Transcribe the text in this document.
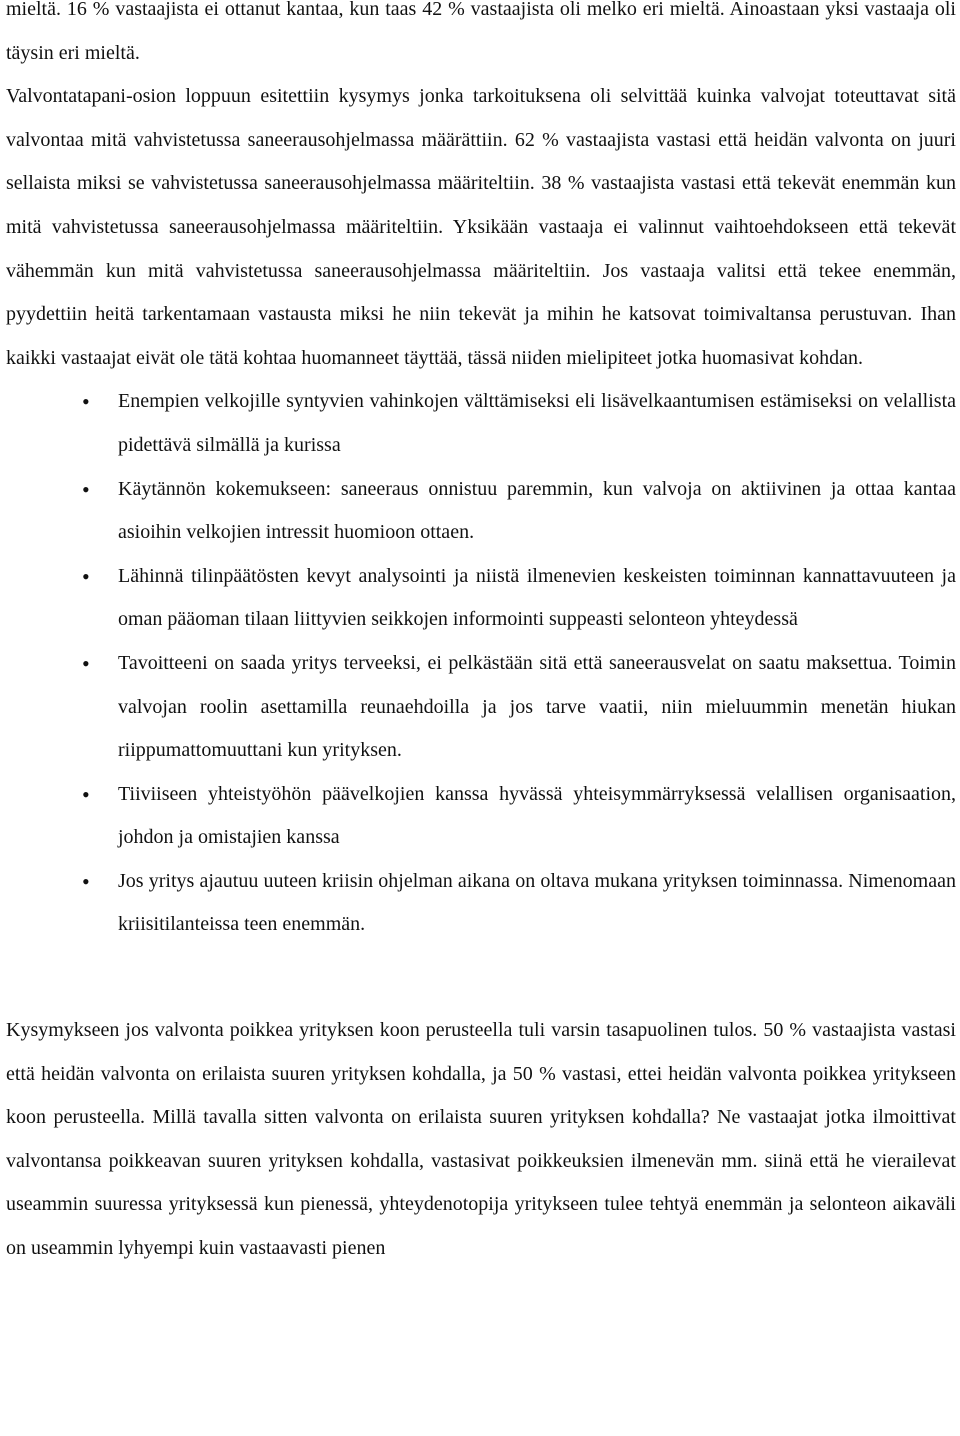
mieltä. 16 % vastaajista ei ottanut kantaa, kun taas 42 % vastaajista oli melko eri mieltä. Ainoastaan yksi vastaaja oli täysin eri mieltä.

Valvontatapani-osion loppuun esitettiin kysymys jonka tarkoituksena oli selvittää kuinka valvojat toteuttavat sitä valvontaa mitä vahvistetussa saneerausohjelmassa määrättiin. 62 % vastaajista vastasi että heidän valvonta on juuri sellaista miksi se vahvistetussa saneerausohjelmassa määriteltiin. 38 % vastaajista vastasi että tekevät enemmän kun mitä vahvistetussa saneerausohjelmassa määriteltiin. Yksikään vastaaja ei valinnut vaihtoehdokseen että tekevät vähemmän kun mitä vahvistetussa saneerausohjelmassa määriteltiin. Jos vastaaja valitsi että tekee enemmän, pyydettiin heitä tarkentamaan vastausta miksi he niin tekevät ja mihin he katsovat toimivaltansa perustuvan. Ihan kaikki vastaajat eivät ole tätä kohtaa huomanneet täyttää, tässä niiden mielipiteet jotka huomasivat kohdan.

• Enempien velkojille syntyvien vahinkojen välttämiseksi eli lisävelkaantumisen estämiseksi on velallista pidettävä silmällä ja kurissa
• Käytännön kokemukseen: saneeraus onnistuu paremmin, kun valvoja on aktiivinen ja ottaa kantaa asioihin velkojien intressit huomioon ottaen.
• Lähinnä tilinpäätösten kevyt analysointi ja niistä ilmenevien keskeisten toiminnan kannattavuuteen ja oman pääoman tilaan liittyvien seikkojen informointi suppeasti selonteon yhteydessä
• Tavoitteeni on saada yritys terveeksi, ei pelkästään sitä että saneerausvelat on saatu maksettua. Toimin valvojan roolin asettamilla reunaehdoilla ja jos tarve vaatii, niin mieluummin menetän hiukan riippumattomuuttani kun yrityksen.
• Tiiviiseen yhteistyöhön päävelkojien kanssa hyvässä yhteisymmärryksessä velallisen organisaation, johdon ja omistajien kanssa
• Jos yritys ajautuu uuteen kriisin ohjelman aikana on oltava mukana yrityksen toiminnassa. Nimenomaan kriisitilanteissa teen enemmän.

Kysymykseen jos valvonta poikkea yrityksen koon perusteella tuli varsin tasapuolinen tulos. 50 % vastaajista vastasi että heidän valvonta on erilaista suuren yrityksen kohdalla, ja 50 % vastasi, ettei heidän valvonta poikkea yritykseen koon perusteella. Millä tavalla sitten valvonta on erilaista suuren yrityksen kohdalla? Ne vastaajat jotka ilmoittivat valvontansa poikkeavan suuren yrityksen kohdalla, vastasivat poikkeuksien ilmenevän mm. siinä että he vierailevat useammin suuressa yrityksessä kun pienessä, yhteydenotopija yritykseen tulee tehtyä enemmän ja selonteon aikaväli on useammin lyhyempi kuin vastaavasti pienen
